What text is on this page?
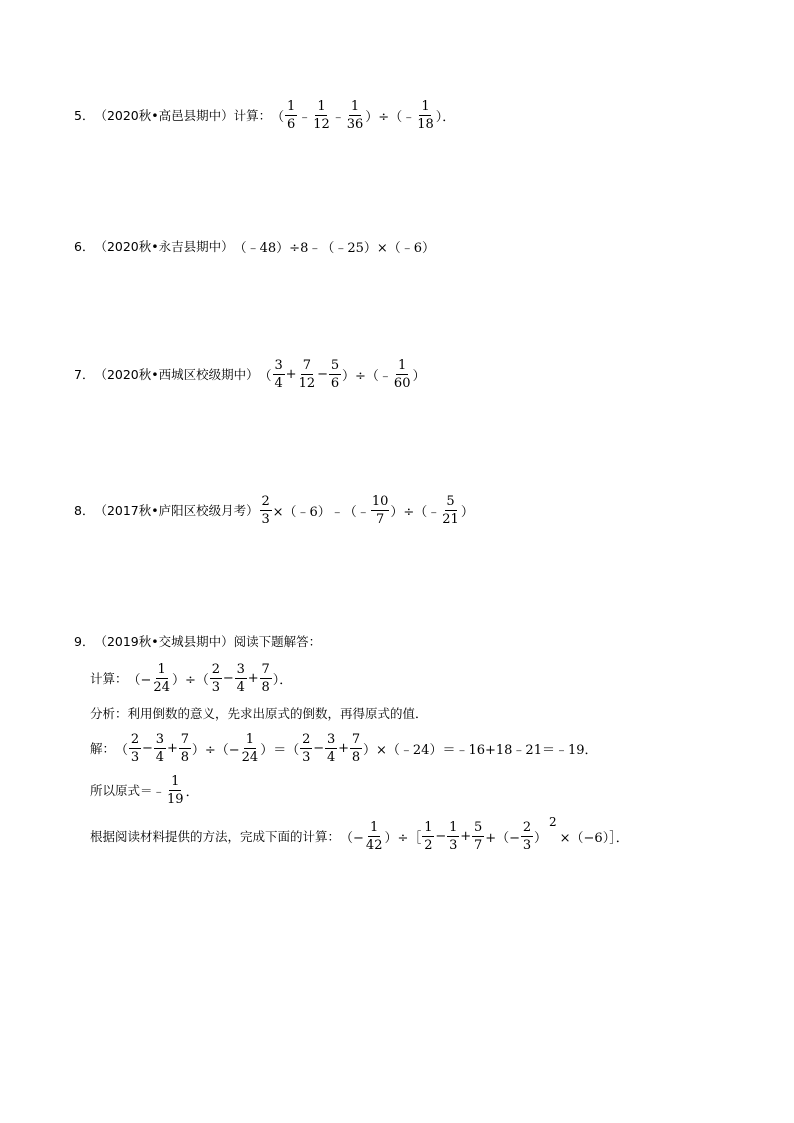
5． （2020秋•高邑县期中） 计算： （ $\frac{1}{6}$ ﹣ $\frac{1}{12}$ ﹣ $\frac{1}{36}$ ）÷（﹣ $\frac{1}{18}$ ）．
6． （2020秋•永吉县期中） （﹣48）÷8﹣（﹣25）×（﹣6）
7． （2020秋•西城区校级期中） （ $\frac{3}{4} + \frac{7}{12} - \frac{5}{6}$ ）÷（﹣ $\frac{1}{60}$ ）
8． （2017秋•庐阳区校级月考） $\frac{2}{3}$ ×（﹣6）﹣（﹣ $\frac{10}{7}$ ）÷（﹣ $\frac{5}{21}$ ）
9． （2019秋•交城县期中） 阅读下题解答：
计算： （− $\frac{1}{24}$ ）÷（ $\frac{2}{3} - \frac{3}{4} + \frac{7}{8}$ ）．
分析：利用倒数的意义，先求出原式的倒数，再得原式的值．
解： （ $\frac{2}{3} - \frac{3}{4} + \frac{7}{8}$ ）÷（− $\frac{1}{24}$ ）＝（ $\frac{2}{3} - \frac{3}{4} + \frac{7}{8}$ ）×（﹣24）＝﹣16+18﹣21＝﹣19．
所以原式＝﹣ $\frac{1}{19}$ ．
根据阅读材料提供的方法，完成下面的计算： （− $\frac{1}{42}$ ）÷［ $\frac{1}{2} - \frac{1}{3} + \frac{5}{7}$ +（− $\frac{2}{3}$ ）
2
×（−6）］．
